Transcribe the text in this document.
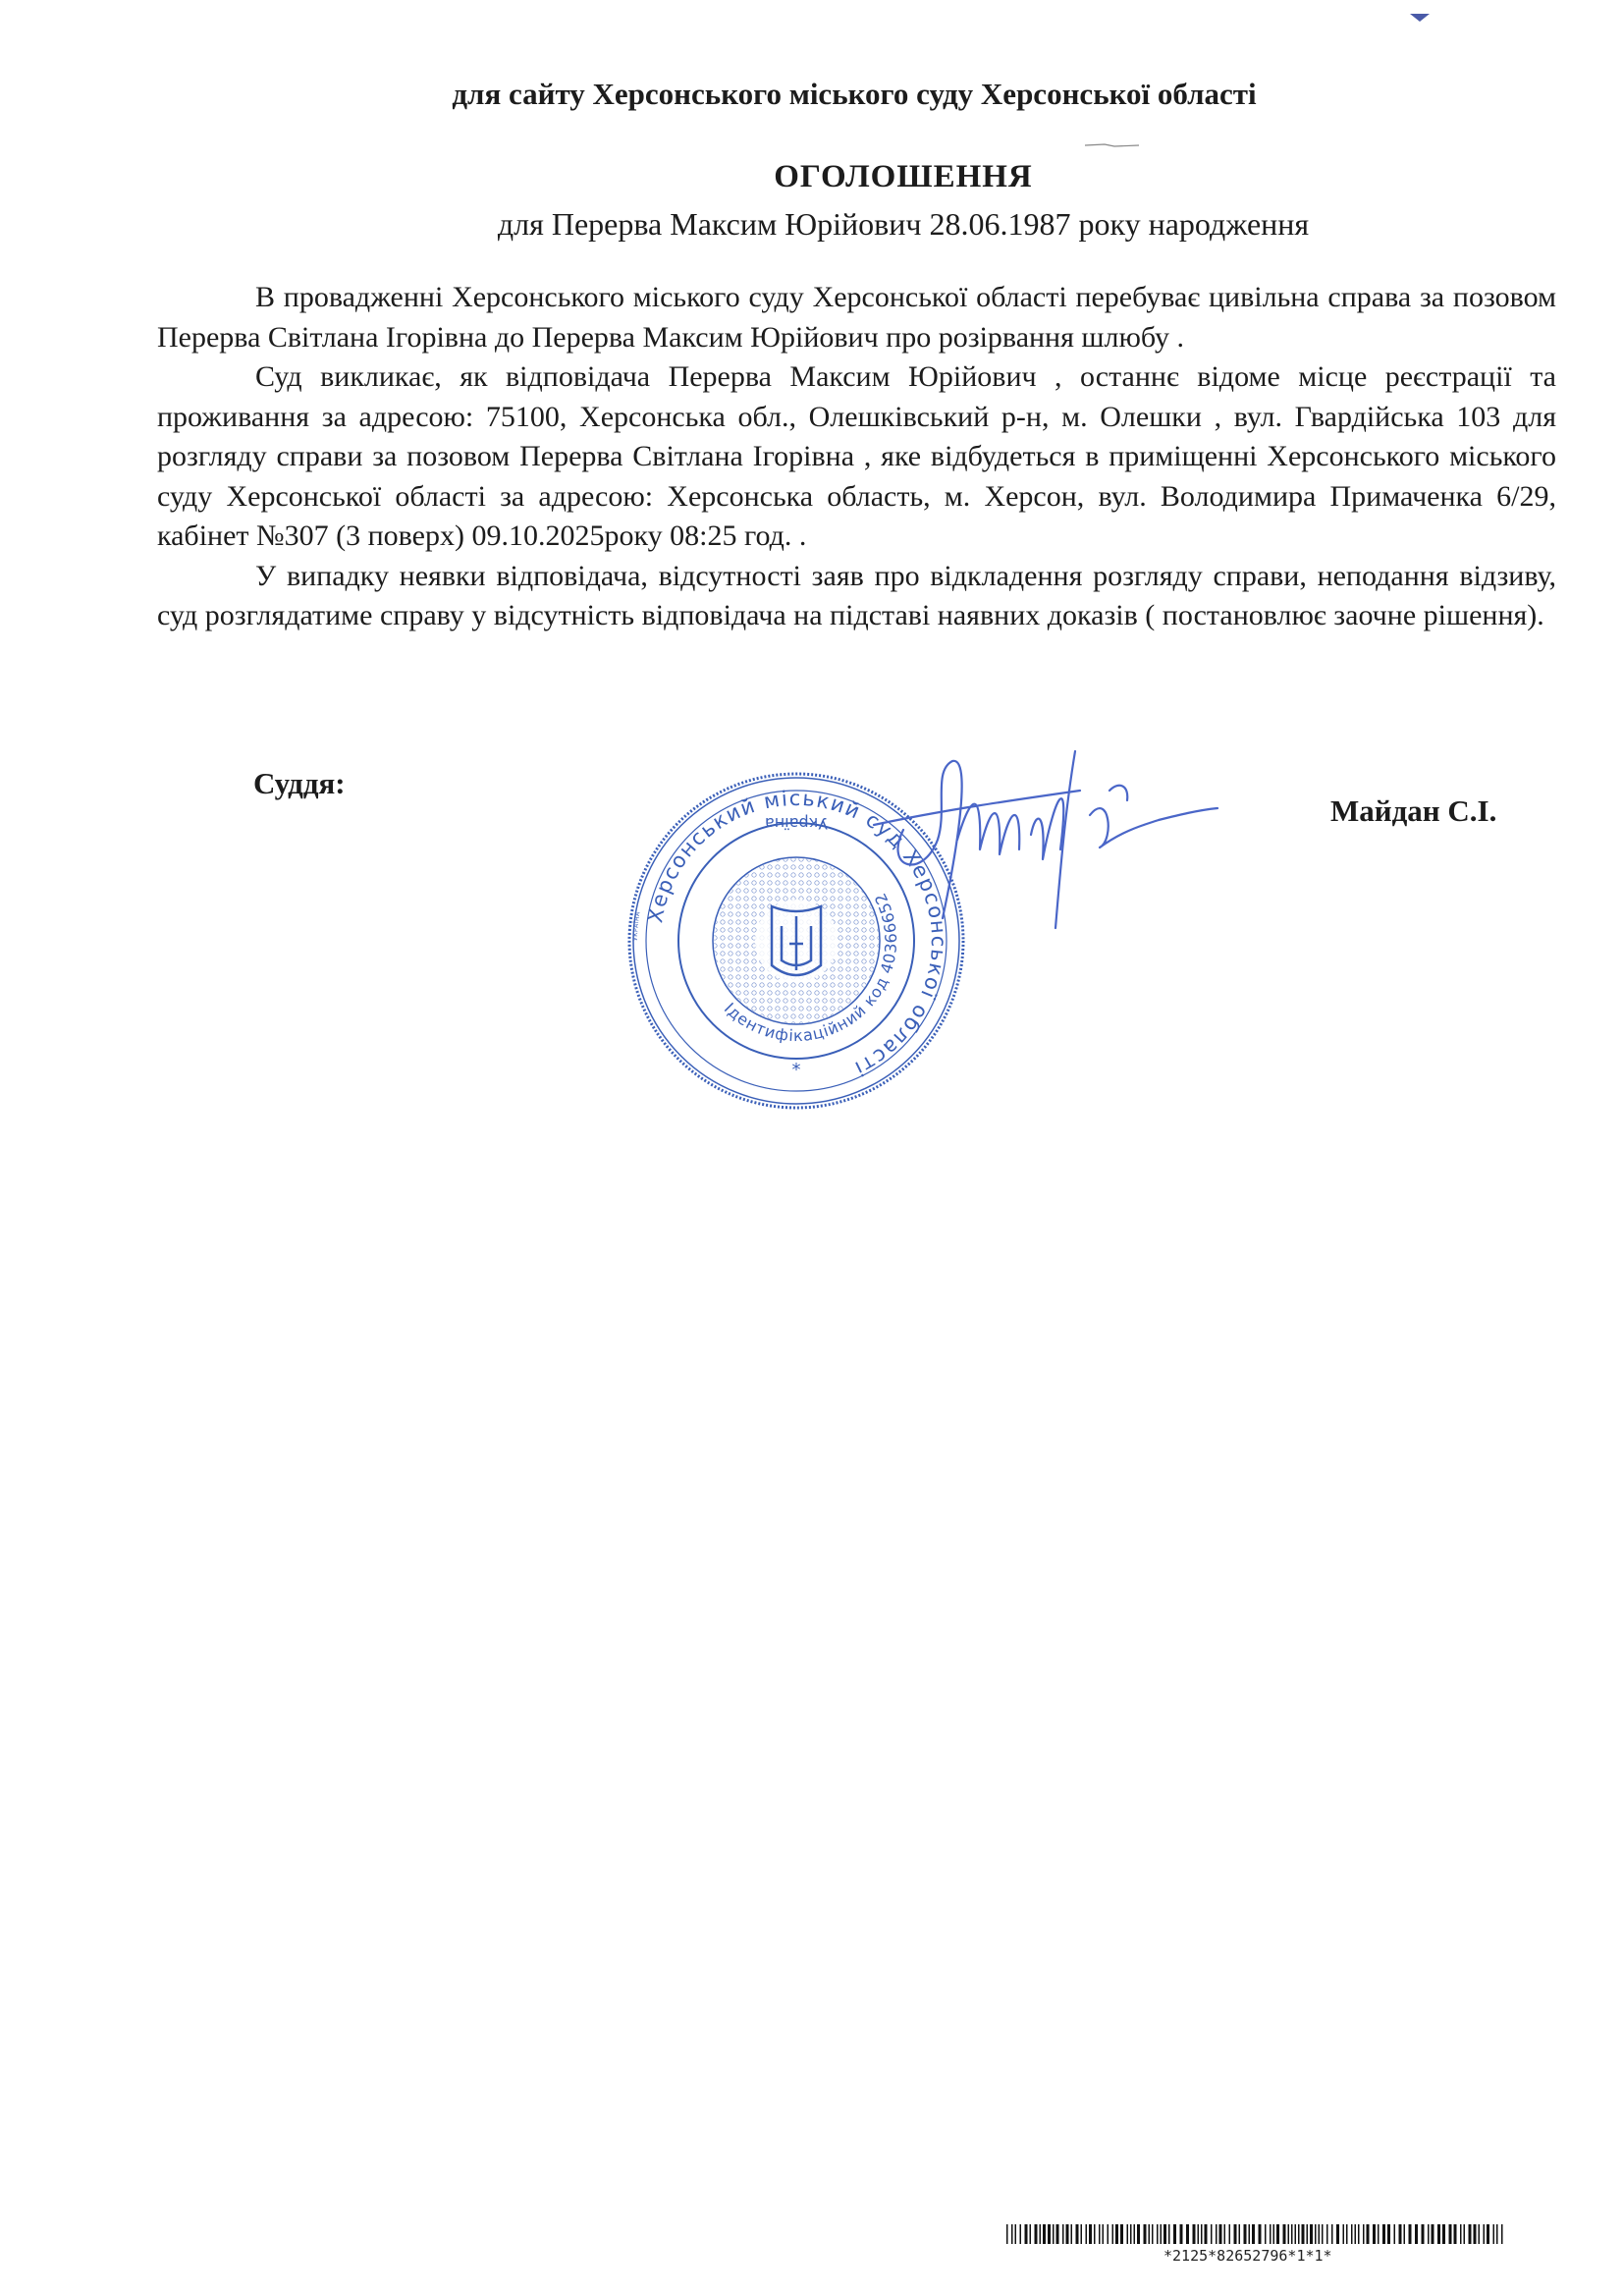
для сайту Херсонського міського суду Херсонської області
ОГОЛОШЕННЯ
для Перерва Максим Юрійович 28.06.1987 року народження

В провадженні Херсонського міського суду Херсонської області перебуває цивільна справа за позовом Перерва Світлана Ігорівна до Перерва Максим Юрійович про розірвання шлюбу .

Суд викликає, як відповідача Перерва Максим Юрійович , останнє відоме місце реєстрації та проживання за адресою: 75100, Херсонська обл., Олешківський р-н, м. Олешки , вул. Гвардійська 103 для розгляду справи за позовом Перерва Світлана Ігорівна , яке відбудеться в приміщенні Херсонського міського суду Херсонської області за адресою: Херсонська область, м. Херсон, вул. Володимира Примаченка 6/29, кабінет №307 (3 поверх) 09.10.2025року 08:25 год. .

У випадку неявки відповідача, відсутності заяв про відкладення розгляду справи, неподання відзиву, суд розглядатиме справу у відсутність відповідача на підставі наявних доказів ( постановлює заочне рішення).

Суддя:
Майдан С.І.
Херсонський міський суд Херсонської області
Ідентифікаційний код 40366652
УКРАЇНА
Україна
*
*2125*82652796*1*1*
